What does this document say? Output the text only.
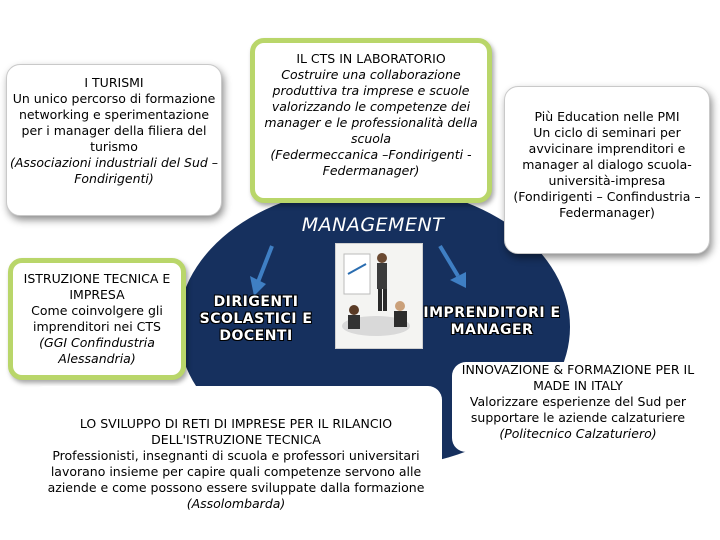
I TURISMI
Un unico percorso di formazione networking e sperimentazione per i manager della filiera del turismo
(Associazioni industriali del Sud – Fondirigenti)
IL CTS IN LABORATORIO
Costruire una collaborazione produttiva tra imprese e scuole valorizzando le competenze dei manager e le professionalità della scuola
(Federmeccanica –Fondirigenti - Federmanager)
Più Education nelle PMI
Un ciclo di seminari per avvicinare imprenditori e manager al dialogo scuola-università-impresa
(Fondirigenti – Confindustria – Federmanager)
ISTRUZIONE TECNICA E IMPRESA
Come coinvolgere gli imprenditori nei CTS
(GGI Confindustria Alessandria)
LO SVILUPPO DI RETI DI IMPRESE PER IL RILANCIO DELL'ISTRUZIONE TECNICA
Professionisti, insegnanti di scuola e professori universitari lavorano insieme per capire quali competenze servono alle aziende e come possono essere sviluppate dalla formazione
(Assolombarda)
INNOVAZIONE & FORMAZIONE PER IL MADE IN ITALY
Valorizzare esperienze del Sud per supportare le aziende calzaturiere
(Politecnico Calzaturiero)
MANAGEMENT
DIRIGENTI SCOLASTICI E DOCENTI
IMPRENDITORI E MANAGER
